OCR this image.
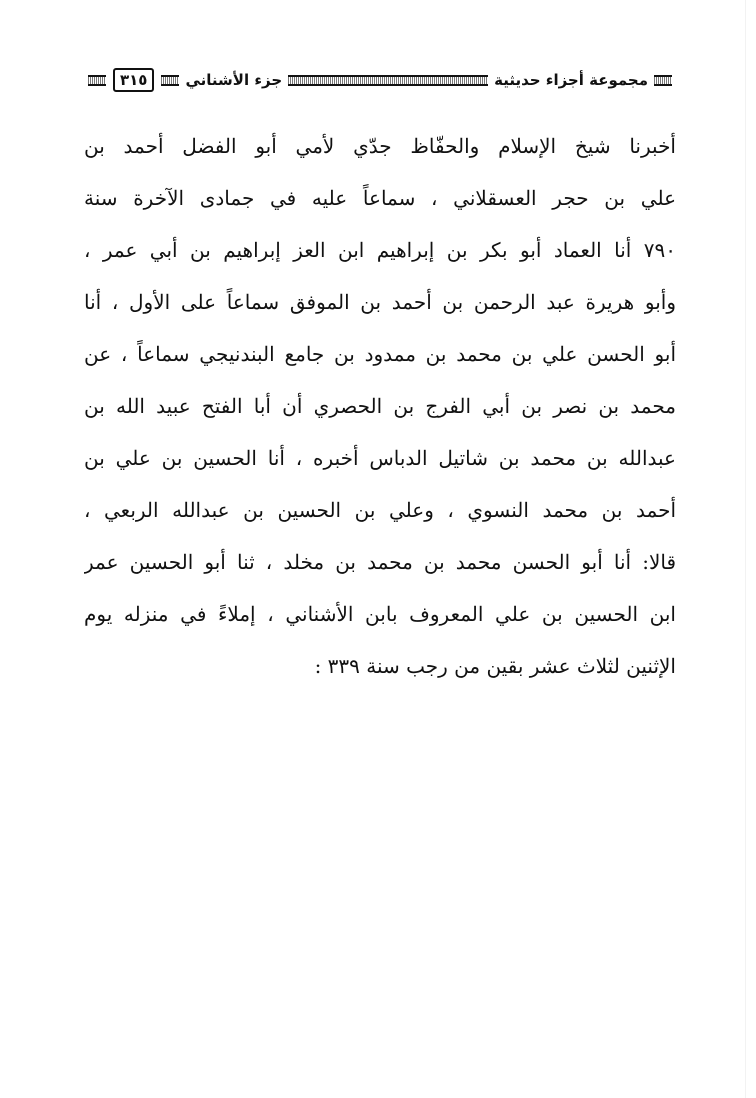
مجموعة أجزاء حديثية
جزء الأشناني
٣١٥
أخبرنا شيخ الإسلام والحفّاظ جدّي لأمي أبو الفضل أحمد بن
علي بن حجر العسقلاني ، سماعاً عليه في جمادى الآخرة سنة
٧٩٠ أنا العماد أبو بكر بن إبراهيم ابن العز إبراهيم بن أبي عمر ،
وأبو هريرة عبد الرحمن بن أحمد بن الموفق سماعاً على الأول ، أنا
أبو الحسن علي بن محمد بن ممدود بن جامع البندنيجي سماعاً ، عن
محمد بن نصر بن أبي الفرج بن الحصري أن أبا الفتح عبيد الله بن
عبدالله بن محمد بن شاتيل الدباس أخبره ، أنا الحسين بن علي بن
أحمد بن محمد النسوي ، وعلي بن الحسين بن عبدالله الربعي ،
قالا: أنا أبو الحسن محمد بن محمد بن مخلد ، ثنا أبو الحسين عمر
ابن الحسين بن علي المعروف بابن الأشناني ، إملاءً في منزله يوم
الإثنين لثلاث عشر بقين من رجب سنة ٣٣٩ :
